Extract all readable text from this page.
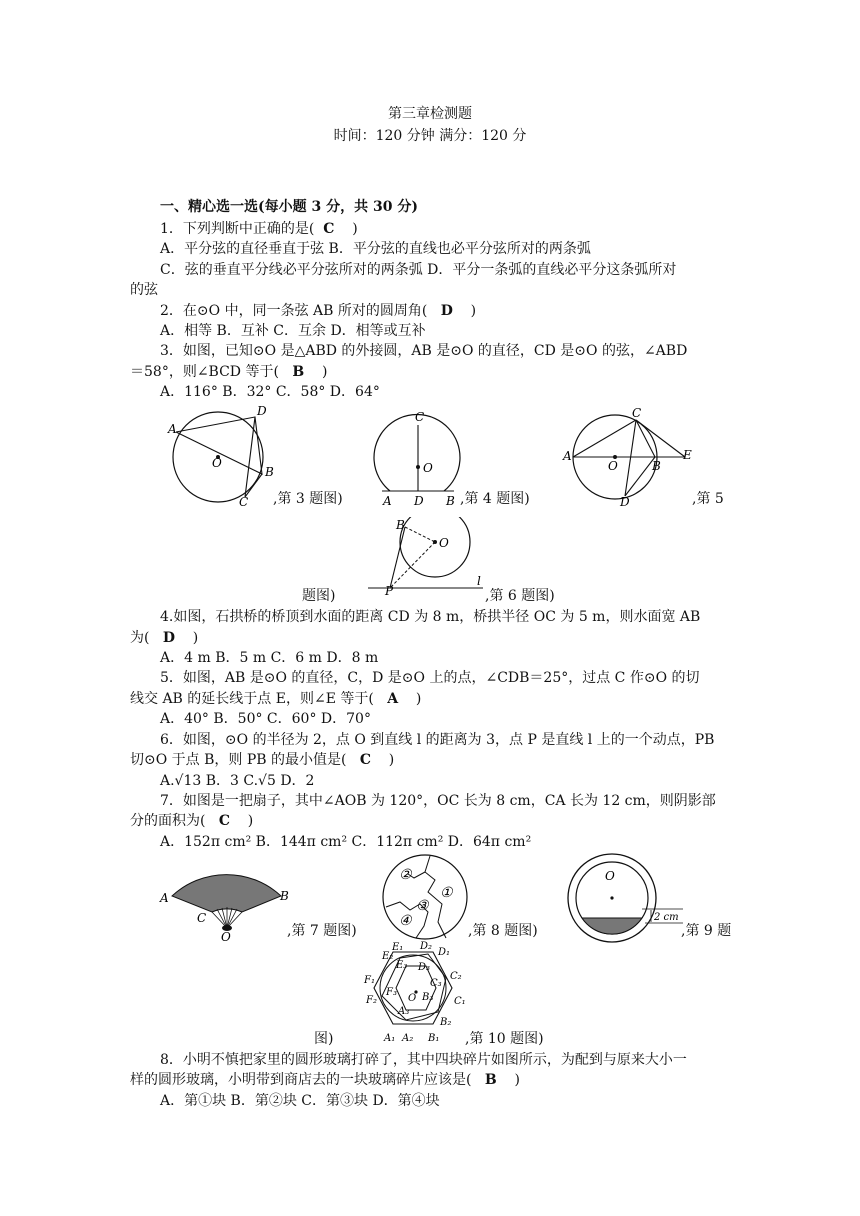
第三章检测题
时间：120 分钟 满分：120 分
一、精心选一选(每小题 3 分，共 30 分)
1．下列判断中正确的是( C )
A．平分弦的直径垂直于弦 B．平分弦的直线也必平分弦所对的两条弧
C．弦的垂直平分线必平分弦所对的两条弧 D．平分一条弧的直线必平分这条弧所对
的弦
2．在⊙O 中，同一条弦 AB 所对的圆周角( D )
A．相等 B．互补 C．互余 D．相等或互补
3．如图，已知⊙O 是△ABD 的外接圆，AB 是⊙O 的直径，CD 是⊙O 的弦，∠ABD
＝58°，则∠BCD 等于( B )
A．116° B．32° C．58° D．64°
A
D
B
C
O
,第 3 题图)
C
O
A D B ,第 4 题图)
A
C
O	B
E
D	,第 5
B
O
P
l
题图)	,第 6 题图)
4.如图，石拱桥的桥顶到水面的距离 CD 为 8 m，桥拱半径 OC 为 5 m，则水面宽 AB
为( D )
A．4 m B．5 m C．6 m D．8 m
5．如图，AB 是⊙O 的直径，C，D 是⊙O 上的点，∠CDB＝25°，过点 C 作⊙O 的切
线交 AB 的延长线于点 E，则∠E 等于( A )
A．40° B．50° C．60° D．70°
6．如图，⊙O 的半径为 2，点 O 到直线 l 的距离为 3，点 P 是直线 l 上的一个动点，PB
切⊙O 于点 B，则 PB 的最小值是( C )
A.√13 B．3 C.√5 D．2
7．如图是一把扇子，其中∠AOB 为 120°，OC 长为 8 cm，CA 长为 12 cm，则阴影部
分的面积为( C )
A．152π cm² B．144π cm² C．112π cm² D．64π cm²
A	B
C
O	,第 7 题图)
②
①
③
④
,第 8 题图)
O
2 cm
,第 9 题
E₁ D₂
D₁
E₂
E₃ D₃
C₂
F₁	C₃
F₃	B₃
F₂	O	C₁
A₃
B₂
A₁ A₂ B₁
图)	,第 10 题图)
8．小明不慎把家里的圆形玻璃打碎了，其中四块碎片如图所示，为配到与原来大小一
样的圆形玻璃，小明带到商店去的一块玻璃碎片应该是( B )
A．第①块 B．第②块 C．第③块 D．第④块
